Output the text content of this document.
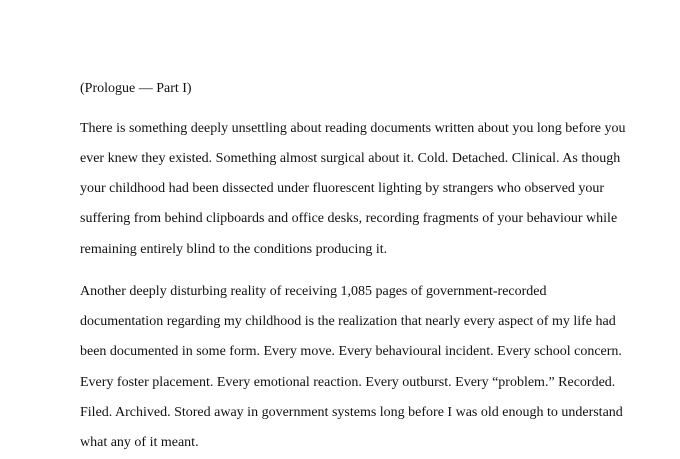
(Prologue — Part I)

There is something deeply unsettling about reading documents written about you long before you

ever knew they existed. Something almost surgical about it. Cold. Detached. Clinical. As though

your childhood had been dissected under fluorescent lighting by strangers who observed your

suffering from behind clipboards and office desks, recording fragments of your behaviour while

remaining entirely blind to the conditions producing it.

Another deeply disturbing reality of receiving 1,085 pages of government-recorded

documentation regarding my childhood is the realization that nearly every aspect of my life had

been documented in some form. Every move. Every behavioural incident. Every school concern.

Every foster placement. Every emotional reaction. Every outburst. Every “problem.” Recorded.

Filed. Archived. Stored away in government systems long before I was old enough to understand

what any of it meant.
